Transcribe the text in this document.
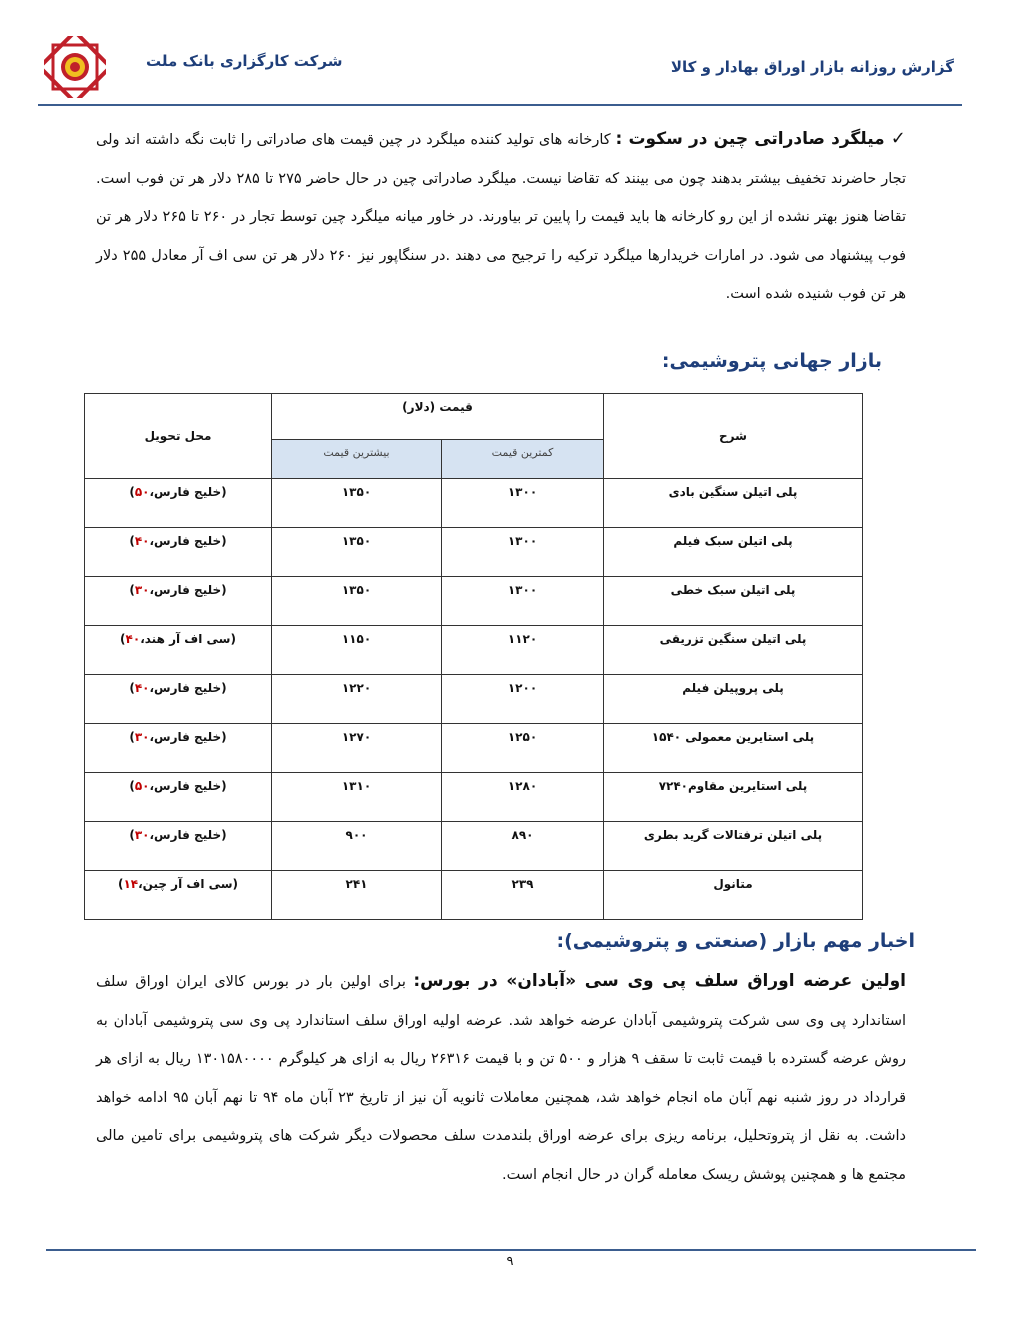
شرکت کارگزاری بانک ملت	گزارش روزانه بازار اوراق بهادار و کالا
✓میلگرد صادراتی چین در سکوت : کارخانه های تولید کننده میلگرد در چین قیمت های صادراتی را ثابت نگه داشته اند ولی تجار حاضرند تخفیف بیشتر بدهند چون می بینند که تقاضا نیست. میلگرد صادراتی چین در حال حاضر ۲۷۵ تا ۲۸۵ دلار هر تن فوب است. تقاضا هنوز بهتر نشده از این رو کارخانه ها باید قیمت را پایین تر بیاورند. در خاور میانه میلگرد چین توسط تجار در ۲۶۰ تا ۲۶۵ دلار هر تن فوب پیشنهاد می شود. در امارات خریدارها میلگرد ترکیه را ترجیح می دهند .در سنگاپور نیز ۲۶۰ دلار هر تن سی اف آر معادل ۲۵۵ دلار هر تن فوب شنیده شده است.
بازار جهانی پتروشیمی:
شرح	قیمت (دلار)		محل تحویل
	کمترین قیمت	بیشترین قیمت	
پلی اتیلن سنگین بادی	۱۳۰۰	۱۳۵۰	(خلیج فارس،۵۰)
پلی اتیلن سبک فیلم	۱۳۰۰	۱۳۵۰	(خلیج فارس،۴۰)
پلی اتیلن سبک خطی	۱۳۰۰	۱۳۵۰	(خلیج فارس،۳۰)
پلی اتیلن سنگین تزریقی	۱۱۲۰	۱۱۵۰	(سی اف آر هند،۴۰)
پلی پروپیلن فیلم	۱۲۰۰	۱۲۲۰	(خلیج فارس،۴۰)
پلی استایرین معمولی ۱۵۴۰	۱۲۵۰	۱۲۷۰	(خلیج فارس،۳۰)
پلی استایرین مقاوم۷۲۴۰	۱۲۸۰	۱۳۱۰	(خلیج فارس،۵۰)
پلی اتیلن ترفتالات گرید بطری	۸۹۰	۹۰۰	(خلیج فارس،۳۰)
متانول	۲۳۹	۲۴۱	(سی اف آر چین،۱۴)
اخبار مهم بازار (صنعتی و پتروشیمی):
اولین عرضه اوراق سلف پی وی سی «آبادان» در بورس: برای اولین بار در بورس کالای ایران اوراق سلف استاندارد پی وی سی شرکت پتروشیمی آبادان عرضه خواهد شد. عرضه اولیه اوراق سلف استاندارد پی وی سی پتروشیمی آبادان به روش عرضه گسترده با قیمت ثابت تا سقف ۹ هزار و ۵۰۰ تن و با قیمت ۲۶۳۱۶ ریال به ازای هر کیلوگرم ۱۳۰۱۵۸۰۰۰۰ ریال به ازای هر قرارداد در روز شنبه نهم آبان ماه انجام خواهد شد، همچنین معاملات ثانویه آن نیز از تاریخ ۲۳ آبان ماه ۹۴ تا نهم آبان ۹۵ ادامه خواهد داشت. به نقل از پتروتحلیل، برنامه ریزی برای عرضه اوراق بلندمدت سلف محصولات دیگر شرکت های پتروشیمی برای تامین مالی مجتمع ها و همچنین پوشش ریسک معامله گران در حال انجام است.
۹
